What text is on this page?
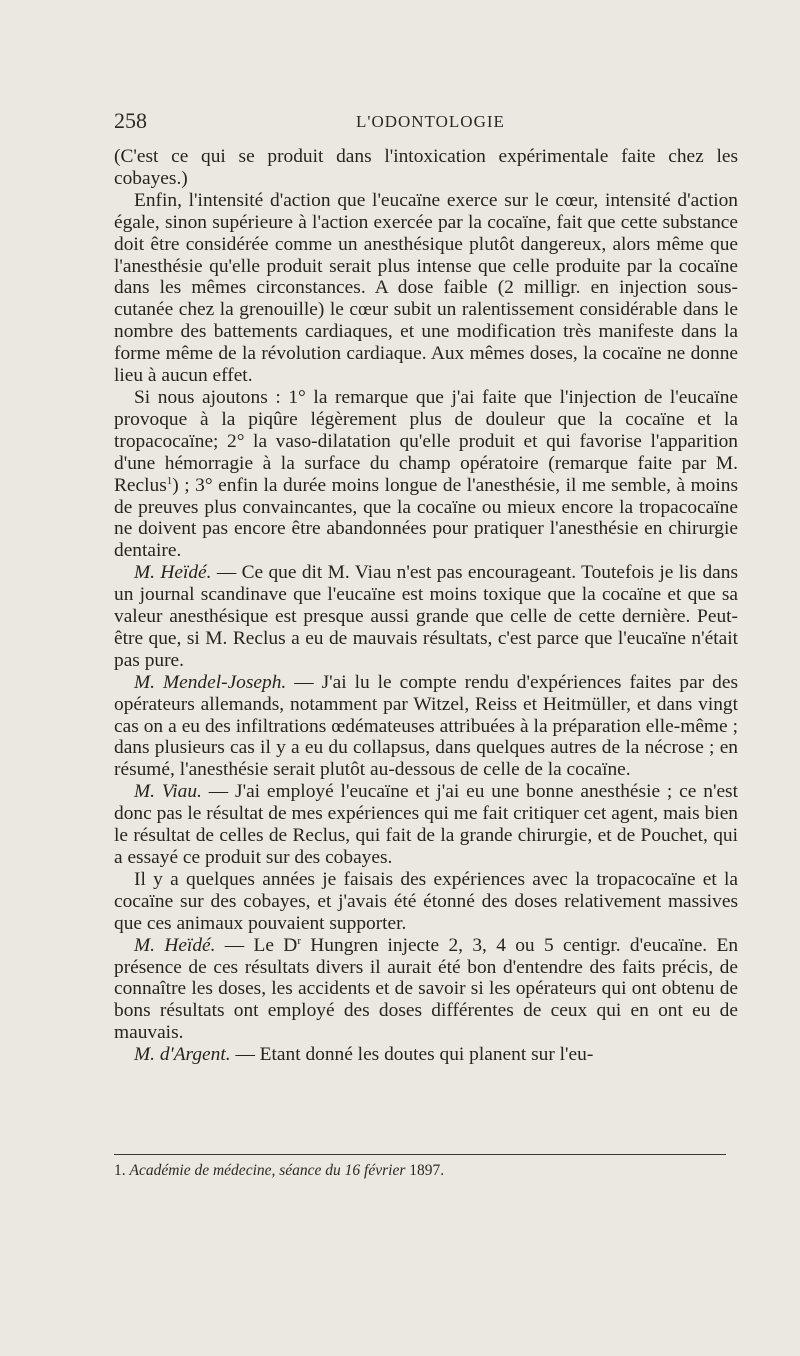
258	L'ODONTOLOGIE

(C'est ce qui se produit dans l'intoxication expérimentale faite chez les cobayes.)

Enfin, l'intensité d'action que l'eucaïne exerce sur le cœur, intensité d'action égale, sinon supérieure à l'action exercée par la cocaïne, fait que cette substance doit être considérée comme un anesthésique plutôt dangereux, alors même que l'anesthésie qu'elle produit serait plus intense que celle produite par la cocaïne dans les mêmes circonstances. A dose faible (2 milligr. en injection sous-cutanée chez la grenouille) le cœur subit un ralentissement considérable dans le nombre des battements cardiaques, et une modification très manifeste dans la forme même de la révolution cardiaque. Aux mêmes doses, la cocaïne ne donne lieu à aucun effet.

Si nous ajoutons : 1° la remarque que j'ai faite que l'injection de l'eucaïne provoque à la piqûre légèrement plus de douleur que la cocaïne et la tropacocaïne; 2° la vaso-dilatation qu'elle produit et qui favorise l'apparition d'une hémorragie à la surface du champ opératoire (remarque faite par M. Reclus$^1$) ; 3° enfin la durée moins longue de l'anesthésie, il me semble, à moins de preuves plus convaincantes, que la cocaïne ou mieux encore la tropacocaïne ne doivent pas encore être abandonnées pour pratiquer l'anesthésie en chirurgie dentaire.

M. Heïdé. — Ce que dit M. Viau n'est pas encourageant. Toutefois je lis dans un journal scandinave que l'eucaïne est moins toxique que la cocaïne et que sa valeur anesthésique est presque aussi grande que celle de cette dernière. Peut-être que, si M. Reclus a eu de mauvais résultats, c'est parce que l'eucaïne n'était pas pure.

M. Mendel-Joseph. — J'ai lu le compte rendu d'expériences faites par des opérateurs allemands, notamment par Witzel, Reiss et Heitmüller, et dans vingt cas on a eu des infiltrations œdémateuses attribuées à la préparation elle-même ; dans plusieurs cas il y a eu du collapsus, dans quelques autres de la nécrose ; en résumé, l'anesthésie serait plutôt au-dessous de celle de la cocaïne.

M. Viau. — J'ai employé l'eucaïne et j'ai eu une bonne anesthésie ; ce n'est donc pas le résultat de mes expériences qui me fait critiquer cet agent, mais bien le résultat de celles de Reclus, qui fait de la grande chirurgie, et de Pouchet, qui a essayé ce produit sur des cobayes.

Il y a quelques années je faisais des expériences avec la tropacocaïne et la cocaïne sur des cobayes, et j'avais été étonné des doses relativement massives que ces animaux pouvaient supporter.

M. Heïdé. — Le $D^r$ Hungren injecte 2, 3, 4 ou 5 centigr. d'eucaïne. En présence de ces résultats divers il aurait été bon d'entendre des faits précis, de connaître les doses, les accidents et de savoir si les opérateurs qui ont obtenu de bons résultats ont employé des doses différentes de ceux qui en ont eu de mauvais.

M. d'Argent. — Etant donné les doutes qui planent sur l'eu-

1. Académie de médecine, séance du 16 février 1897.
